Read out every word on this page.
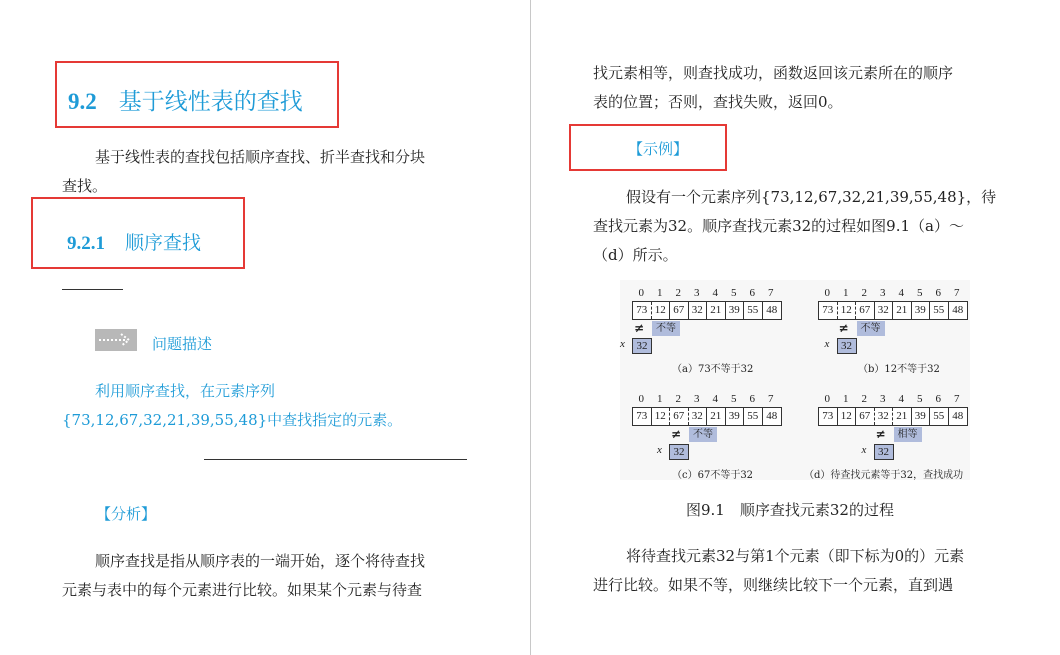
9.2 基于线性表的查找
基于线性表的查找包括顺序查找、折半查找和分块
查找。
9.2.1 顺序查找
问题描述
利用顺序查找，在元素序列
{73,12,67,32,21,39,55,48}中查找指定的元素。
【分析】
顺序查找是指从顺序表的一端开始，逐个将待查找
元素与表中的每个元素进行比较。如果某个元素与待查
找元素相等，则查找成功，函数返回该元素所在的顺序
表的位置；否则，查找失败，返回0。
【示例】
假设有一个元素序列{73,12,67,32,21,39,55,48}，待
查找元素为32。顺序查找元素32的过程如图9.1（a）～
（d）所示。
0	1	2	3	4	5	6	7
73 12 67 32 21 39 55 48
≠	不等
x	32
（a）73不等于32
0	1	2	3	4	5	6	7
73 12 67 32 21 39 55 48
≠	不等
x	32
（b）12不等于32
0	1	2	3	4	5	6	7
73 12 67 32 21 39 55 48
≠	不等
x	32
（c）67不等于32
0	1	2	3	4	5	6	7
73 12 67 32 21 39 55 48
≠	相等
x	32
（d）待查找元素等于32，查找成功
图9.1　顺序查找元素32的过程
将待查找元素32与第1个元素（即下标为0的）元素
进行比较。如果不等，则继续比较下一个元素，直到遇
